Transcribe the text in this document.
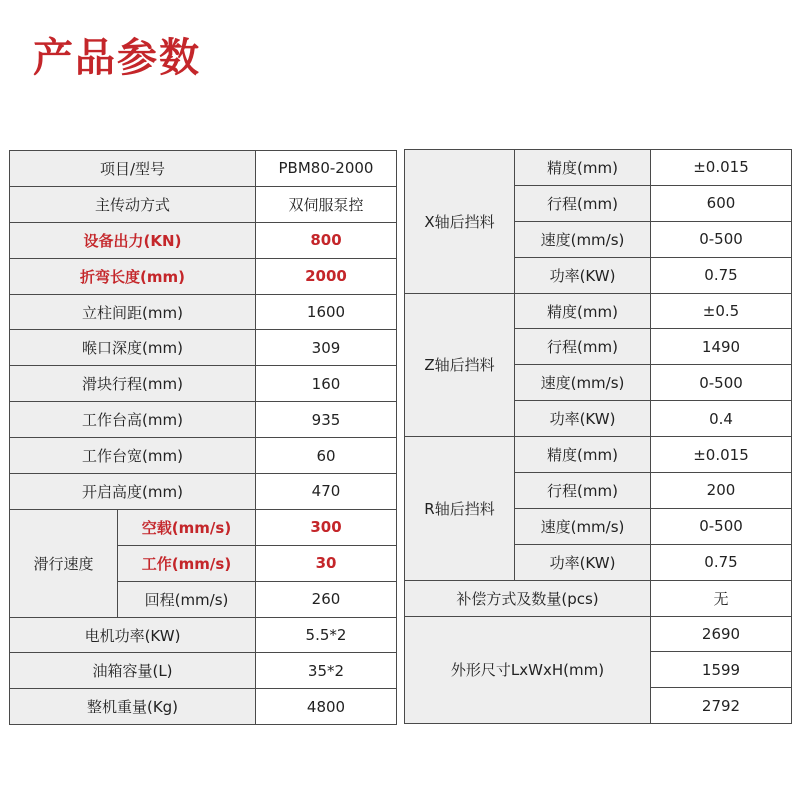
产品参数
项目/型号		PBM80-2000
主传动方式		双伺服泵控
设备出力(KN)		800
折弯长度(mm)		2000
立柱间距(mm)		1600
喉口深度(mm)		309
滑块行程(mm)		160
工作台高(mm)		935
工作台宽(mm)		60
开启高度(mm)		470
滑行速度	空载(mm/s)	300
	工作(mm/s)	30
	回程(mm/s)	260
电机功率(KW)		5.5*2
油箱容量(L)		35*2
整机重量(Kg)		4800
X轴后挡料	精度(mm)	±0.015
	行程(mm)	600
	速度(mm/s)	0-500
	功率(KW)	0.75
Z轴后挡料	精度(mm)	±0.5
	行程(mm)	1490
	速度(mm/s)	0-500
	功率(KW)	0.4
R轴后挡料	精度(mm)	±0.015
	行程(mm)	200
	速度(mm/s)	0-500
	功率(KW)	0.75
补偿方式及数量(pcs)		无
外形尺寸LxWxH(mm)		2690
		1599
		2792
